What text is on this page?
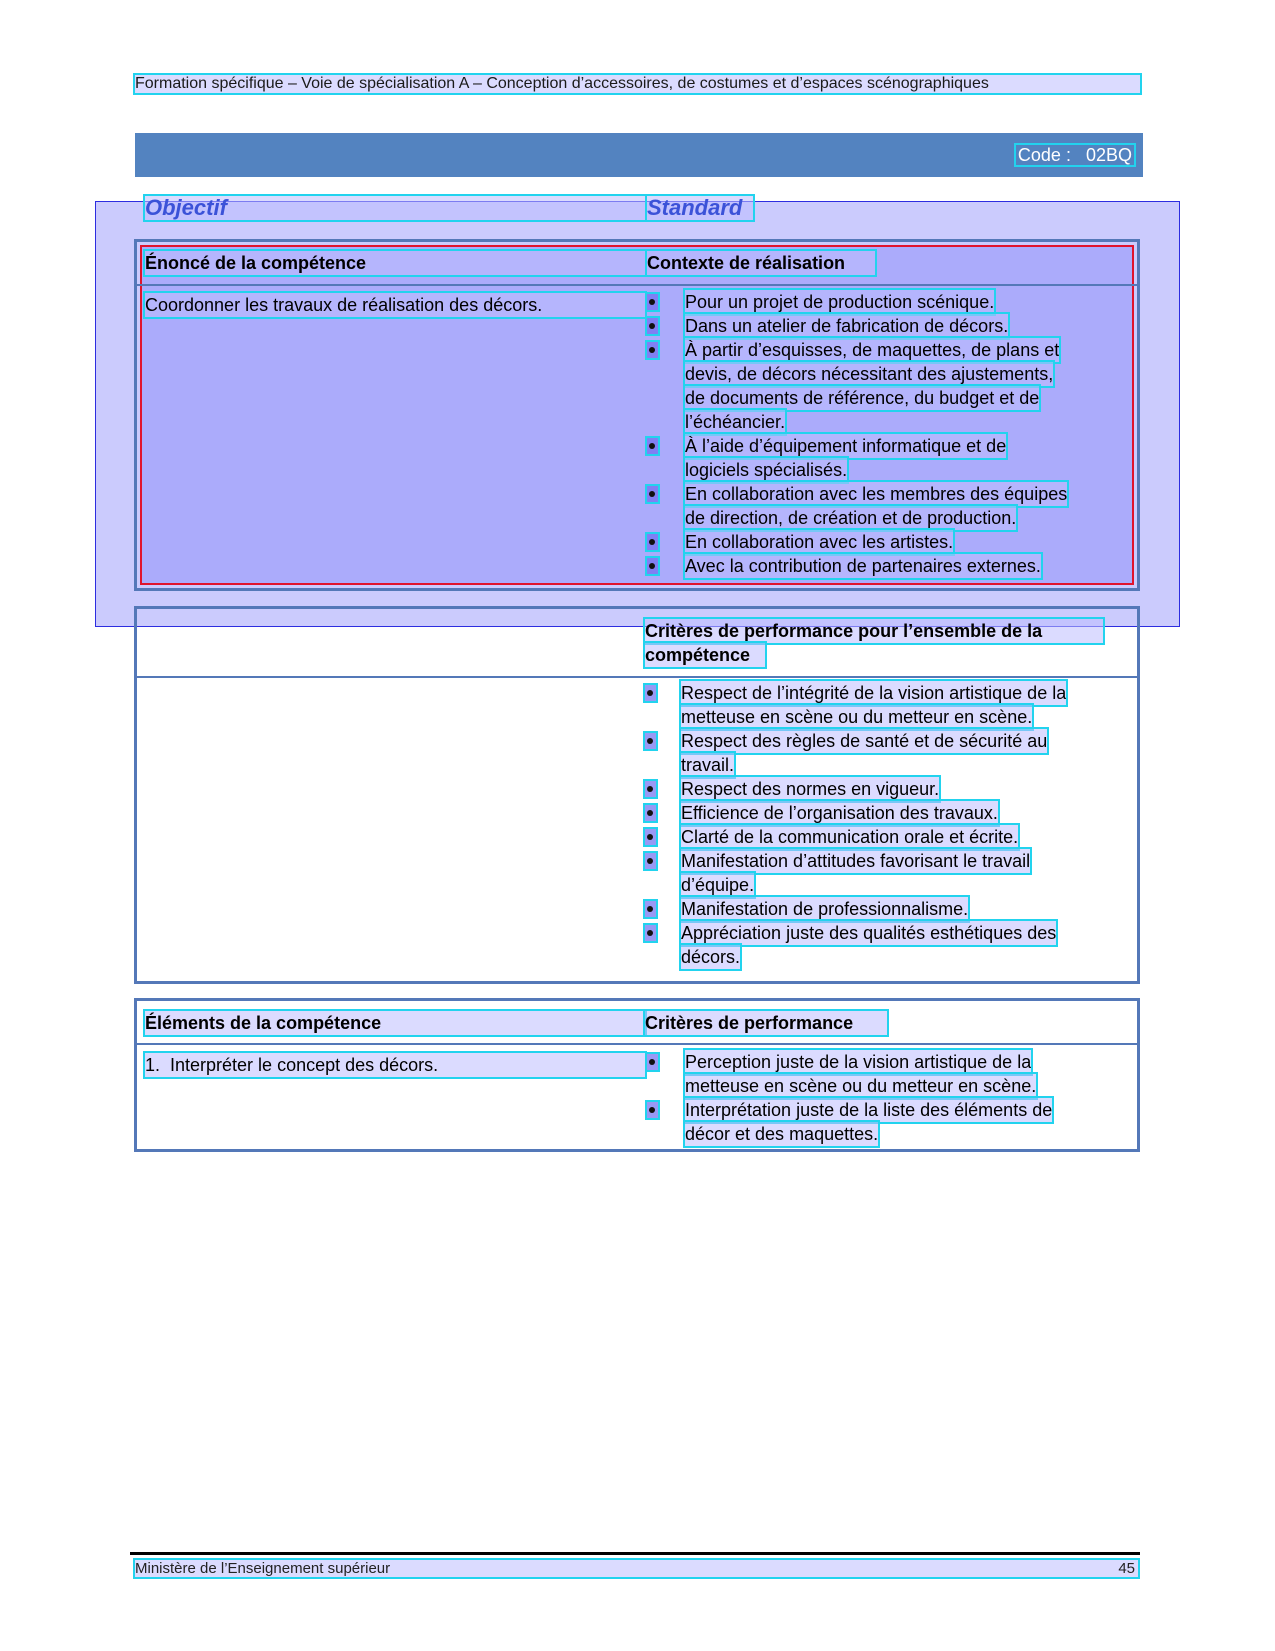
Formation spécifique – Voie de spécialisation A – Conception d’accessoires, de costumes et d’espaces scénographiques
Code : 02BQ
Objectif	Standard
Énoncé de la compétence	Contexte de réalisation
Coordonner les travaux de réalisation des décors.	Pour un projet de production scénique.
Dans un atelier de fabrication de décors.
À partir d’esquisses, de maquettes, de plans et
devis, de décors nécessitant des ajustements,
de documents de référence, du budget et de
l’échéancier.
À l’aide d’équipement informatique et de
logiciels spécialisés.
En collaboration avec les membres des équipes
de direction, de création et de production.
En collaboration avec les artistes.
Avec la contribution de partenaires externes.
Critères de performance pour l’ensemble de la
compétence
Respect de l’intégrité de la vision artistique de la
metteuse en scène ou du metteur en scène.
Respect des règles de santé et de sécurité au
travail.
Respect des normes en vigueur.
Efficience de l’organisation des travaux.
Clarté de la communication orale et écrite.
Manifestation d’attitudes favorisant le travail
d’équipe.
Manifestation de professionnalisme.
Appréciation juste des qualités esthétiques des
décors.
Éléments de la compétence	Critères de performance
1.  Interpréter le concept des décors.	Perception juste de la vision artistique de la
metteuse en scène ou du metteur en scène.
Interprétation juste de la liste des éléments de
décor et des maquettes.
Ministère de l’Enseignement supérieur	45
